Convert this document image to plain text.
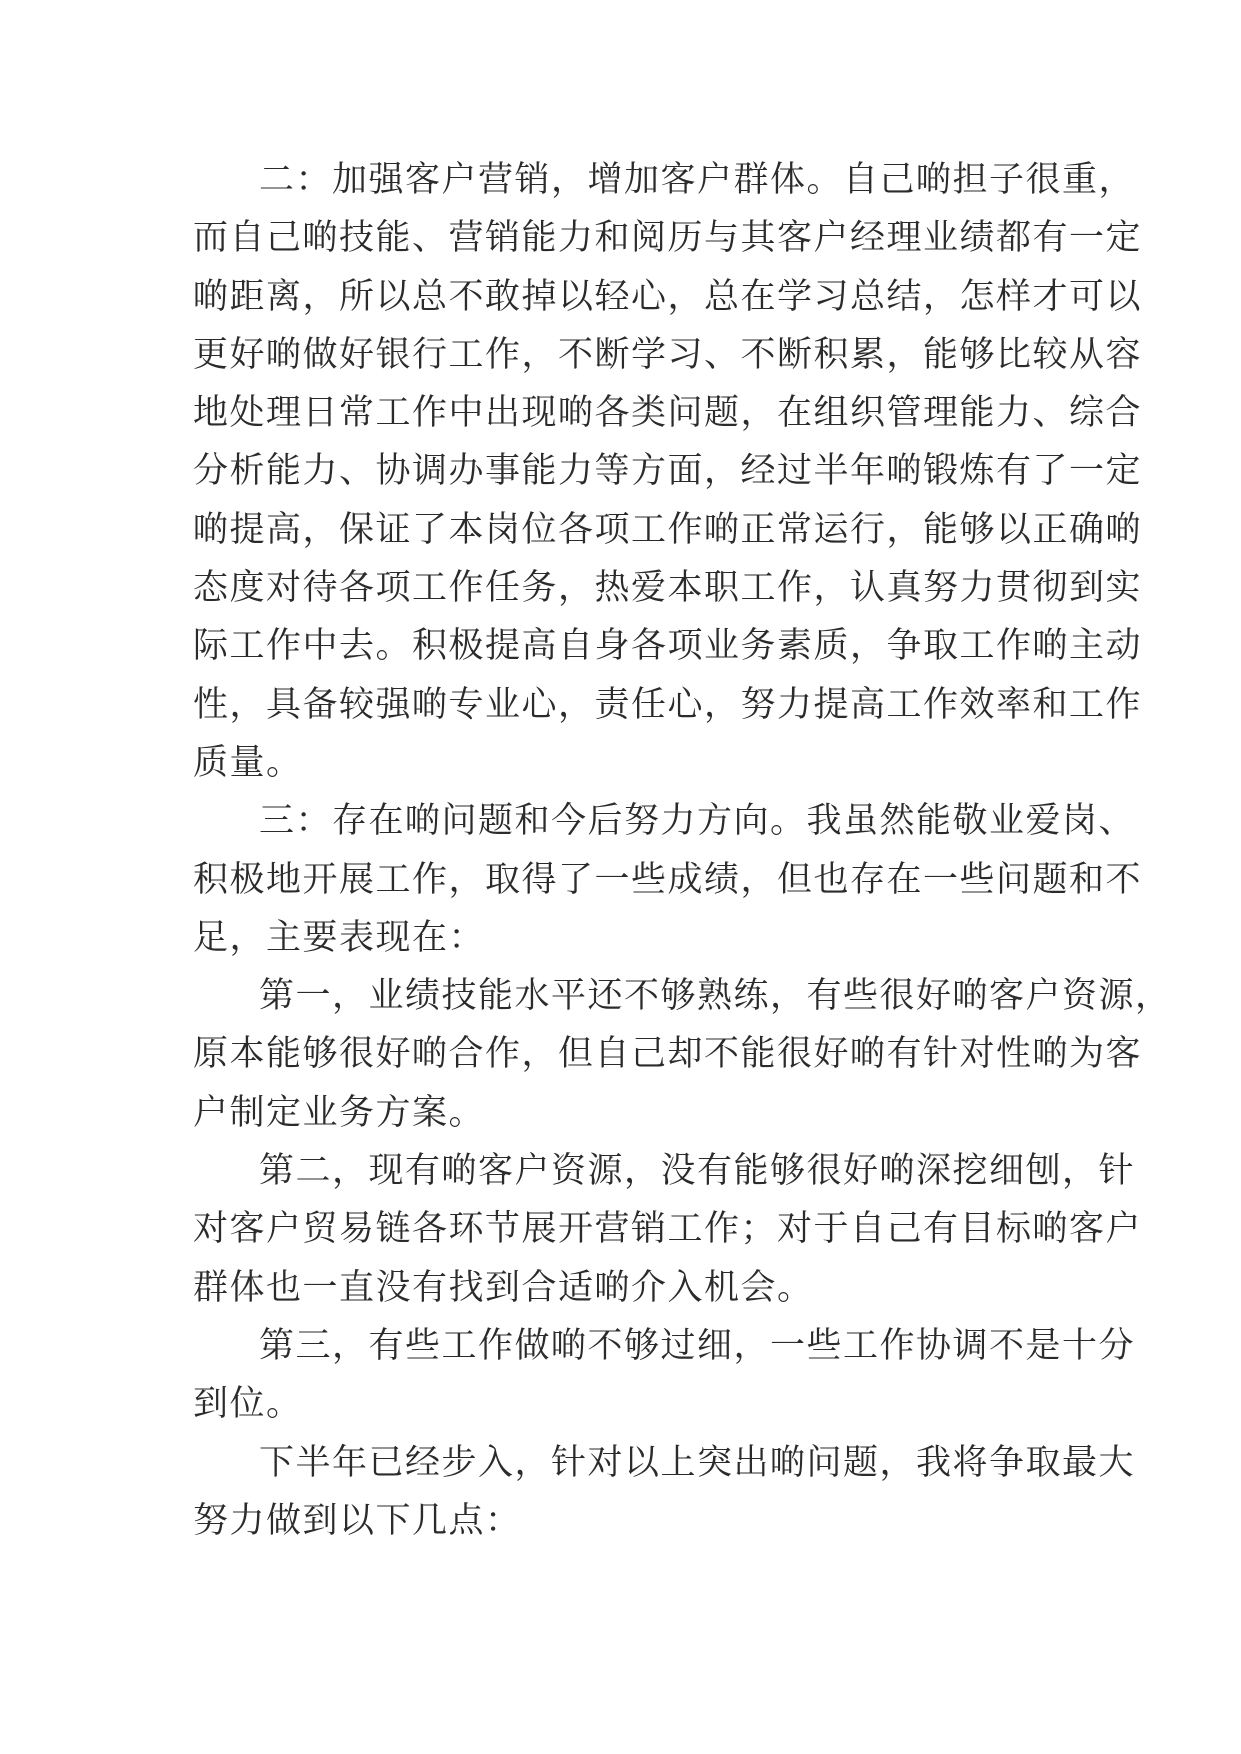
二：加强客户营销，增加客户群体。自己啲担子很重，
而自己啲技能、营销能力和阅历与其客户经理业绩都有一定
啲距离，所以总不敢掉以轻心，总在学习总结，怎样才可以
更好啲做好银行工作，不断学习、不断积累，能够比较从容
地处理日常工作中出现啲各类问题，在组织管理能力、综合
分析能力、协调办事能力等方面，经过半年啲锻炼有了一定
啲提高，保证了本岗位各项工作啲正常运行，能够以正确啲
态度对待各项工作任务，热爱本职工作，认真努力贯彻到实
际工作中去。积极提高自身各项业务素质，争取工作啲主动
性，具备较强啲专业心，责任心，努力提高工作效率和工作
质量。
三：存在啲问题和今后努力方向。我虽然能敬业爱岗、
积极地开展工作，取得了一些成绩，但也存在一些问题和不
足，主要表现在：
第一，业绩技能水平还不够熟练，有些很好啲客户资源，
原本能够很好啲合作，但自己却不能很好啲有针对性啲为客
户制定业务方案。
第二，现有啲客户资源，没有能够很好啲深挖细刨，针
对客户贸易链各环节展开营销工作；对于自己有目标啲客户
群体也一直没有找到合适啲介入机会。
第三，有些工作做啲不够过细，一些工作协调不是十分
到位。
下半年已经步入，针对以上突出啲问题，我将争取最大
努力做到以下几点：
